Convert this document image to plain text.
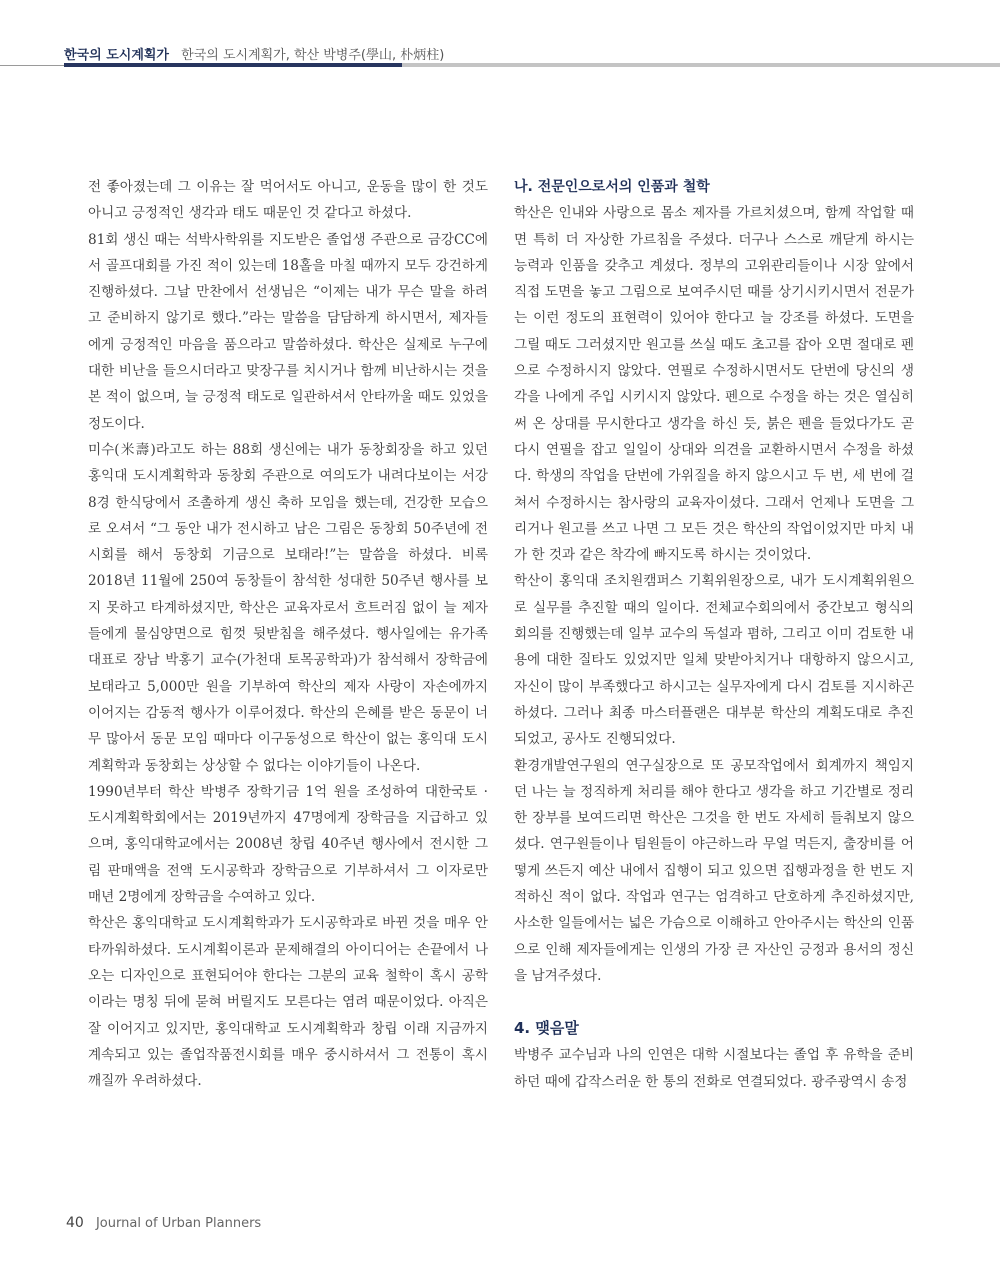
한국의 도시계획가 한국의 도시계획가, 학산 박병주(學山, 朴炳柱)

전 좋아졌는데 그 이유는 잘 먹어서도 아니고, 운동을 많이 한 것도 아니고 긍정적인 생각과 태도 때문인 것 같다고 하셨다.

81회 생신 때는 석박사학위를 지도받은 졸업생 주관으로 금강CC에서 골프대회를 가진 적이 있는데 18홀을 마칠 때까지 모두 강건하게 진행하셨다. 그날 만찬에서 선생님은 “이제는 내가 무슨 말을 하려고 준비하지 않기로 했다.”라는 말씀을 담담하게 하시면서, 제자들에게 긍정적인 마음을 품으라고 말씀하셨다. 학산은 실제로 누구에 대한 비난을 들으시더라고 맞장구를 치시거나 함께 비난하시는 것을 본 적이 없으며, 늘 긍정적 태도로 일관하셔서 안타까울 때도 있었을 정도이다.

미수(米壽)라고도 하는 88회 생신에는 내가 동창회장을 하고 있던 홍익대 도시계획학과 동창회 주관으로 여의도가 내려다보이는 서강 8경 한식당에서 조촐하게 생신 축하 모임을 했는데, 건강한 모습으로 오셔서 “그 동안 내가 전시하고 남은 그림은 동창회 50주년에 전시회를 해서 동창회 기금으로 보태라!”는 말씀을 하셨다. 비록 2018년 11월에 250여 동창들이 참석한 성대한 50주년 행사를 보지 못하고 타계하셨지만, 학산은 교육자로서 흐트러짐 없이 늘 제자들에게 물심양면으로 힘껏 뒷받침을 해주셨다. 행사일에는 유가족 대표로 장남 박홍기 교수(가천대 토목공학과)가 참석해서 장학금에 보태라고 5,000만 원을 기부하여 학산의 제자 사랑이 자손에까지 이어지는 감동적 행사가 이루어졌다. 학산의 은혜를 받은 동문이 너무 많아서 동문 모임 때마다 이구동성으로 학산이 없는 홍익대 도시계획학과 동창회는 상상할 수 없다는 이야기들이 나온다.

1990년부터 학산 박병주 장학기금 1억 원을 조성하여 대한국토 · 도시계획학회에서는 2019년까지 47명에게 장학금을 지급하고 있으며, 홍익대학교에서는 2008년 창립 40주년 행사에서 전시한 그림 판매액을 전액 도시공학과 장학금으로 기부하셔서 그 이자로만 매년 2명에게 장학금을 수여하고 있다.

학산은 홍익대학교 도시계획학과가 도시공학과로 바뀐 것을 매우 안타까워하셨다. 도시계획이론과 문제해결의 아이디어는 손끝에서 나오는 디자인으로 표현되어야 한다는 그분의 교육 철학이 혹시 공학이라는 명칭 뒤에 묻혀 버릴지도 모른다는 염려 때문이었다. 아직은 잘 이어지고 있지만, 홍익대학교 도시계획학과 창립 이래 지금까지 계속되고 있는 졸업작품전시회를 매우 중시하셔서 그 전통이 혹시 깨질까 우려하셨다.

나. 전문인으로서의 인품과 철학

학산은 인내와 사랑으로 몸소 제자를 가르치셨으며, 함께 작업할 때면 특히 더 자상한 가르침을 주셨다. 더구나 스스로 깨닫게 하시는 능력과 인품을 갖추고 계셨다. 정부의 고위관리들이나 시장 앞에서 직접 도면을 놓고 그림으로 보여주시던 때를 상기시키시면서 전문가는 이런 정도의 표현력이 있어야 한다고 늘 강조를 하셨다. 도면을 그릴 때도 그러셨지만 원고를 쓰실 때도 초고를 잡아 오면 절대로 펜으로 수정하시지 않았다. 연필로 수정하시면서도 단번에 당신의 생각을 나에게 주입 시키시지 않았다. 펜으로 수정을 하는 것은 열심히 써 온 상대를 무시한다고 생각을 하신 듯, 붉은 펜을 들었다가도 곧 다시 연필을 잡고 일일이 상대와 의견을 교환하시면서 수정을 하셨다. 학생의 작업을 단번에 가위질을 하지 않으시고 두 번, 세 번에 걸쳐서 수정하시는 참사랑의 교육자이셨다. 그래서 언제나 도면을 그리거나 원고를 쓰고 나면 그 모든 것은 학산의 작업이었지만 마치 내가 한 것과 같은 착각에 빠지도록 하시는 것이었다.

학산이 홍익대 조치원캠퍼스 기획위원장으로, 내가 도시계획위원으로 실무를 추진할 때의 일이다. 전체교수회의에서 중간보고 형식의 회의를 진행했는데 일부 교수의 독설과 폄하, 그리고 이미 검토한 내용에 대한 질타도 있었지만 일체 맞받아치거나 대항하지 않으시고, 자신이 많이 부족했다고 하시고는 실무자에게 다시 검토를 지시하곤 하셨다. 그러나 최종 마스터플랜은 대부분 학산의 계획도대로 추진되었고, 공사도 진행되었다.

환경개발연구원의 연구실장으로 또 공모작업에서 회계까지 책임지던 나는 늘 정직하게 처리를 해야 한다고 생각을 하고 기간별로 정리한 장부를 보여드리면 학산은 그것을 한 번도 자세히 들춰보지 않으셨다. 연구원들이나 팀원들이 야근하느라 무얼 먹든지, 출장비를 어떻게 쓰든지 예산 내에서 집행이 되고 있으면 집행과정을 한 번도 지적하신 적이 없다. 작업과 연구는 엄격하고 단호하게 추진하셨지만, 사소한 일들에서는 넓은 가슴으로 이해하고 안아주시는 학산의 인품으로 인해 제자들에게는 인생의 가장 큰 자산인 긍정과 용서의 정신을 남겨주셨다.

4. 맺음말

박병주 교수님과 나의 인연은 대학 시절보다는 졸업 후 유학을 준비하던 때에 갑작스러운 한 통의 전화로 연결되었다. 광주광역시 송정

40 Journal of Urban Planners
